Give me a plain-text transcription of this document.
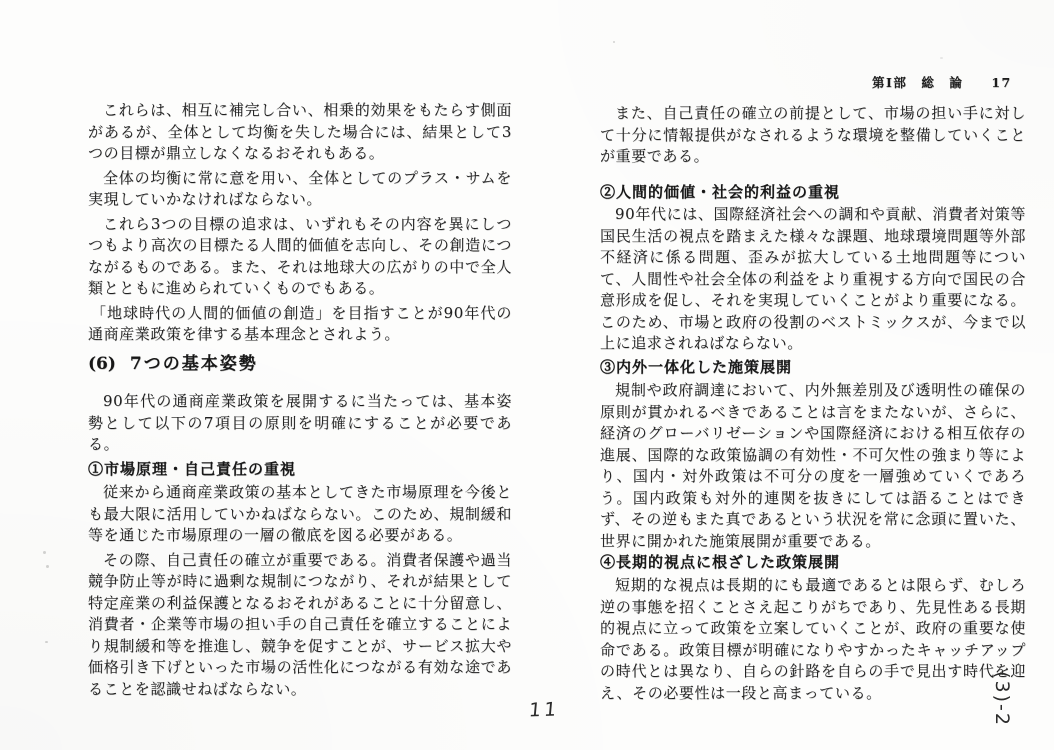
第Ⅰ部　総　論　　17

これらは、相互に補完し合い、相乗的効果をもたらす側面があるが、全体として均衡を失した場合には、結果として3つの目標が鼎立しなくなるおそれもある。

全体の均衡に常に意を用い、全体としてのプラス・サムを実現していかなければならない。

これら3つの目標の追求は、いずれもその内容を異にしつつもより高次の目標たる人間的価値を志向し、その創造につながるものである。また、それは地球大の広がりの中で全人類とともに進められていくものでもある。

「地球時代の人間的価値の創造」を目指すことが90年代の通商産業政策を律する基本理念とされよう。

(6) 7つの基本姿勢

90年代の通商産業政策を展開するに当たっては、基本姿勢として以下の7項目の原則を明確にすることが必要である。

①市場原理・自己責任の重視

従来から通商産業政策の基本としてきた市場原理を今後とも最大限に活用していかねばならない。このため、規制緩和等を通じた市場原理の一層の徹底を図る必要がある。

その際、自己責任の確立が重要である。消費者保護や過当競争防止等が時に過剰な規制につながり、それが結果として特定産業の利益保護となるおそれがあることに十分留意し、消費者・企業等市場の担い手の自己責任を確立することにより規制緩和等を推進し、競争を促すことが、サービス拡大や価格引き下げといった市場の活性化につながる有効な途であることを認識せねばならない。

また、自己責任の確立の前提として、市場の担い手に対して十分に情報提供がなされるような環境を整備していくことが重要である。

②人間的価値・社会的利益の重視

90年代には、国際経済社会への調和や貢献、消費者対策等国民生活の視点を踏まえた様々な課題、地球環境問題等外部不経済に係る問題、歪みが拡大している土地問題等について、人間性や社会全体の利益をより重視する方向で国民の合意形成を促し、それを実現していくことがより重要になる。このため、市場と政府の役割のベストミックスが、今まで以上に追求されねばならない。

③内外一体化した施策展開

規制や政府調達において、内外無差別及び透明性の確保の原則が貫かれるべきであることは言をまたないが、さらに、経済のグローバリゼーションや国際経済における相互依存の進展、国際的な政策協調の有効性・不可欠性の強まり等により、国内・対外政策は不可分の度を一層強めていくであろう。国内政策も対外的連関を抜きにしては語ることはできず、その逆もまた真であるという状況を常に念頭に置いた、世界に開かれた施策展開が重要である。

④長期的視点に根ざした政策展開

短期的な視点は長期的にも最適であるとは限らず、むしろ逆の事態を招くことさえ起こりがちであり、先見性ある長期的視点に立って政策を立案していくことが、政府の重要な使命である。政策目標が明確になりやすかったキャッチアップの時代とは異なり、自らの針路を自らの手で見出す時代を迎え、その必要性は一段と高まっている。

11	(3)-2
